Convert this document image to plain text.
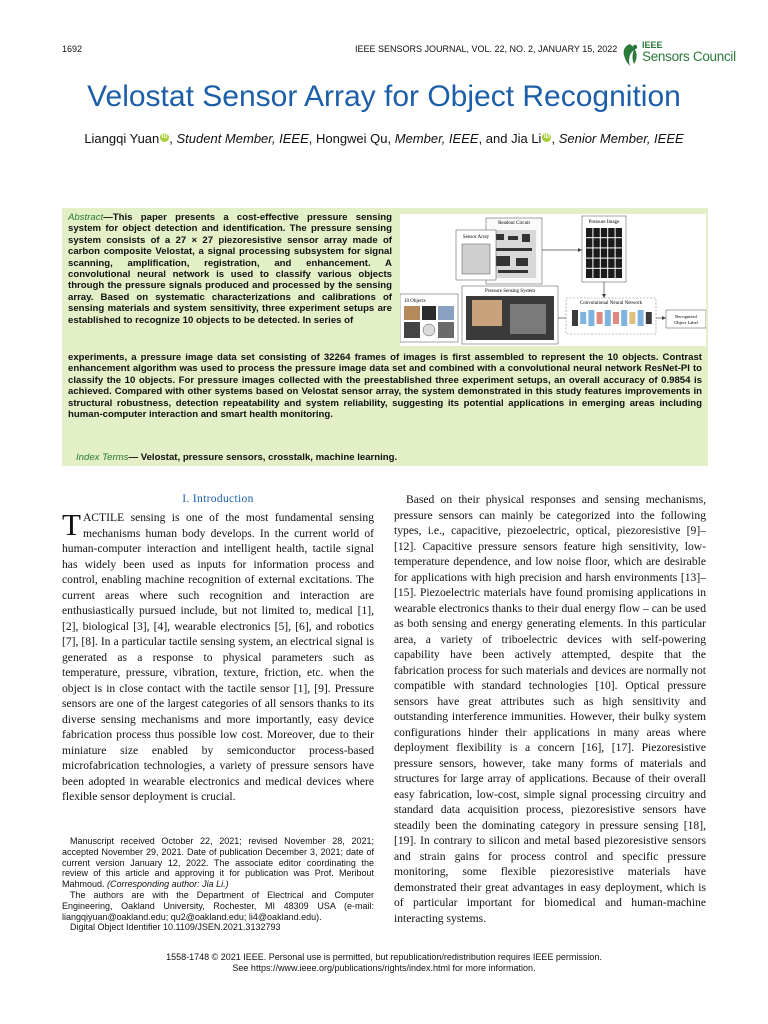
1692	IEEE SENSORS JOURNAL, VOL. 22, NO. 2, JANUARY 15, 2022	IEEE
Sensors Council
Velostat Sensor Array for Object Recognition
Liangqi Yuan iD , Student Member, IEEE, Hongwei Qu, Member, IEEE, and Jia Li iD , Senior Member, IEEE

Abstract—This paper presents a cost-effective pressure sensing system for object detection and identification. The pressure sensing system consists of a 27 × 27 piezoresistive sensor array made of carbon composite Velostat, a signal processing subsystem for signal scanning, amplification, registration, and enhancement. A convolutional neural network is used to classify various objects through the pressure signals produced and processed by the sensing array. Based on systematic characterizations and calibrations of sensing materials and system sensitivity, three experiment setups are established to recognize 10 objects to be detected. In series of

experiments, a pressure image data set consisting of 32264 frames of images is first assembled to represent the 10 objects. Contrast enhancement algorithm was used to process the pressure image data set and combined with a convolutional neural network ResNet-PI to classify the 10 objects. For pressure images collected with the preestablished three experiment setups, an overall accuracy of 0.9854 is achieved. Compared with other systems based on Velostat sensor array, the system demonstrated in this study features improvements in structural robustness, detection repeatability and system reliability, suggesting its potential applications in emerging areas including human-computer interaction and smart health monitoring.

Index Terms— Velostat, pressure sensors, crosstalk, machine learning.
Readout Circuit
Sensor Array
Pressure Image
Pressure Sensing System
10 Objects	Convolutional Neural Network
Recognized
Object Label
I. Introduction

TACTILE sensing is one of the most fundamental sensing mechanisms human body develops. In the current world of human-computer interaction and intelligent health, tactile signal has widely been used as inputs for information process and control, enabling machine recognition of external excitations. The current areas where such recognition and interaction are enthusiastically pursued include, but not limited to, medical [1], [2], biological [3], [4], wearable electronics [5], [6], and robotics [7], [8]. In a particular tactile sensing system, an electrical signal is generated as a response to physical parameters such as temperature, pressure, vibration, texture, friction, etc. when the object is in close contact with the tactile sensor [1], [9]. Pressure sensors are one of the largest categories of all sensors thanks to its diverse sensing mechanisms and more importantly, easy device fabrication process thus possible low cost. Moreover, due to their miniature size enabled by semiconductor process-based microfabrication technologies, a variety of pressure sensors have been adopted in wearable electronics and medical devices where flexible sensor deployment is crucial.

Based on their physical responses and sensing mechanisms, pressure sensors can mainly be categorized into the following types, i.e., capacitive, piezoelectric, optical, piezoresistive [9]–[12]. Capacitive pressure sensors feature high sensitivity, low-temperature dependence, and low noise floor, which are desirable for applications with high precision and harsh environments [13]–[15]. Piezoelectric materials have found promising applications in wearable electronics thanks to their dual energy flow – can be used as both sensing and energy generating elements. In this particular area, a variety of triboelectric devices with self-powering capability have been actively attempted, despite that the fabrication process for such materials and devices are normally not compatible with standard technologies [10]. Optical pressure sensors have great attributes such as high sensitivity and outstanding interference immunities. However, their bulky system configurations hinder their applications in many areas where deployment flexibility is a concern [16], [17]. Piezoresistive pressure sensors, however, take many forms of materials and structures for large array of applications. Because of their overall easy fabrication, low-cost, simple signal processing circuitry and standard data acquisition process, piezoresistive sensors have steadily been the dominating category in pressure sensing [18], [19]. In contrary to silicon and metal based piezoresistive sensors and strain gains for process control and specific pressure monitoring, some flexible piezoresistive materials have demonstrated their great advantages in easy deployment, which is of particular important for biomedical and human-machine interacting systems.

Manuscript received October 22, 2021; revised November 28, 2021; accepted November 29, 2021. Date of publication December 3, 2021; date of current version January 12, 2022. The associate editor coordinating the review of this article and approving it for publication was Prof. Meribout Mahmoud. (Corresponding author: Jia Li.)

The authors are with the Department of Electrical and Computer Engineering, Oakland University, Rochester, MI 48309 USA (e-mail: liangqiyuan@oakland.edu; qu2@oakland.edu; li4@oakland.edu).

Digital Object Identifier 10.1109/JSEN.2021.3132793

1558-1748 © 2021 IEEE. Personal use is permitted, but republication/redistribution requires IEEE permission.
See https://www.ieee.org/publications/rights/index.html for more information.
